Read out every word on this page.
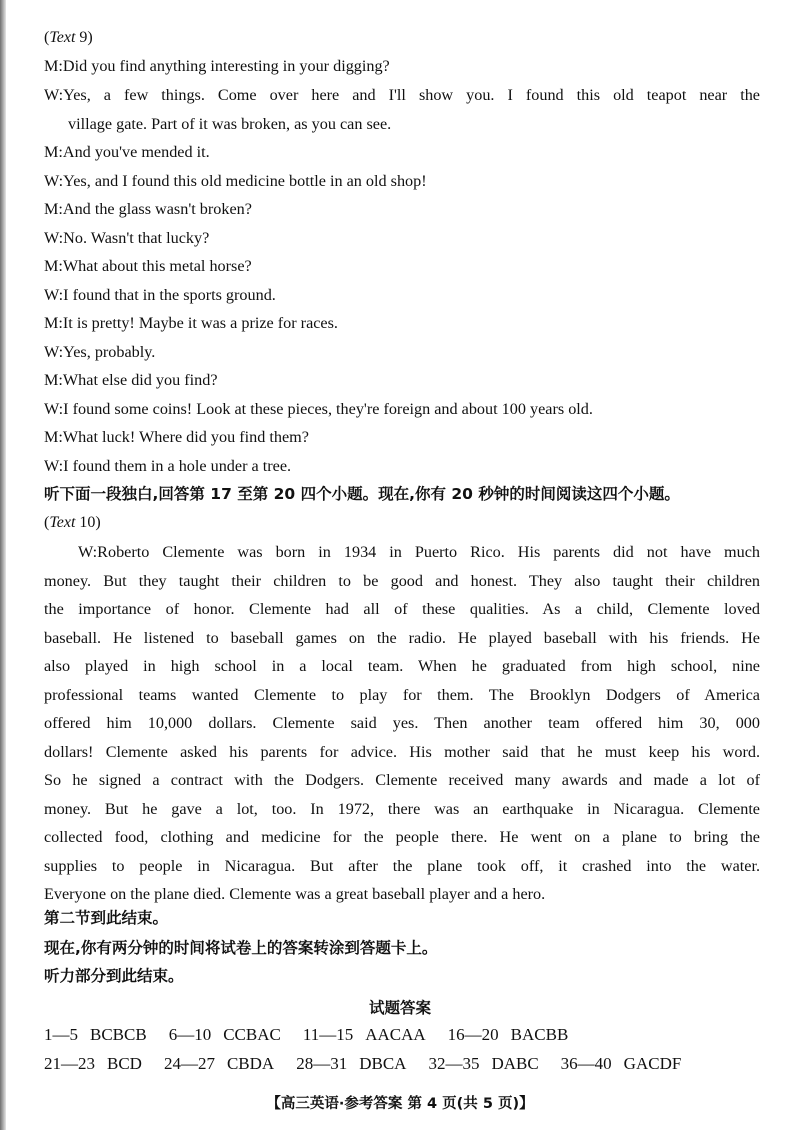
(Text 9)
M:Did you find anything interesting in your digging?
W:Yes, a few things. Come over here and I'll show you. I found this old teapot near the
village gate. Part of it was broken, as you can see.
M:And you've mended it.
W:Yes, and I found this old medicine bottle in an old shop!
M:And the glass wasn't broken?
W:No. Wasn't that lucky?
M:What about this metal horse?
W:I found that in the sports ground.
M:It is pretty! Maybe it was a prize for races.
W:Yes, probably.
M:What else did you find?
W:I found some coins! Look at these pieces, they're foreign and about 100 years old.
M:What luck! Where did you find them?
W:I found them in a hole under a tree.
听下面一段独白,回答第 17 至第 20 四个小题。现在,你有 20 秒钟的时间阅读这四个小题。
(Text 10)
W:Roberto Clemente was born in 1934 in Puerto Rico. His parents did not have much
money. But they taught their children to be good and honest. They also taught their children
the importance of honor. Clemente had all of these qualities. As a child, Clemente loved
baseball. He listened to baseball games on the radio. He played baseball with his friends. He
also played in high school in a local team. When he graduated from high school, nine
professional teams wanted Clemente to play for them. The Brooklyn Dodgers of America
offered him 10,000 dollars. Clemente said yes. Then another team offered him 30, 000
dollars! Clemente asked his parents for advice. His mother said that he must keep his word.
So he signed a contract with the Dodgers. Clemente received many awards and made a lot of
money. But he gave a lot, too. In 1972, there was an earthquake in Nicaragua. Clemente
collected food, clothing and medicine for the people there. He went on a plane to bring the
supplies to people in Nicaragua. But after the plane took off, it crashed into the water.
Everyone on the plane died. Clemente was a great baseball player and a hero.
第二节到此结束。
现在,你有两分钟的时间将试卷上的答案转涂到答题卡上。
听力部分到此结束。
试题答案
1—5 BCBCB 6—10 CCBAC 11—15 AACAA 16—20 BACBB
21—23 BCD 24—27 CBDA 28—31 DBCA 32—35 DABC 36—40 GACDF
【高三英语·参考答案 第 4 页(共 5 页)】
